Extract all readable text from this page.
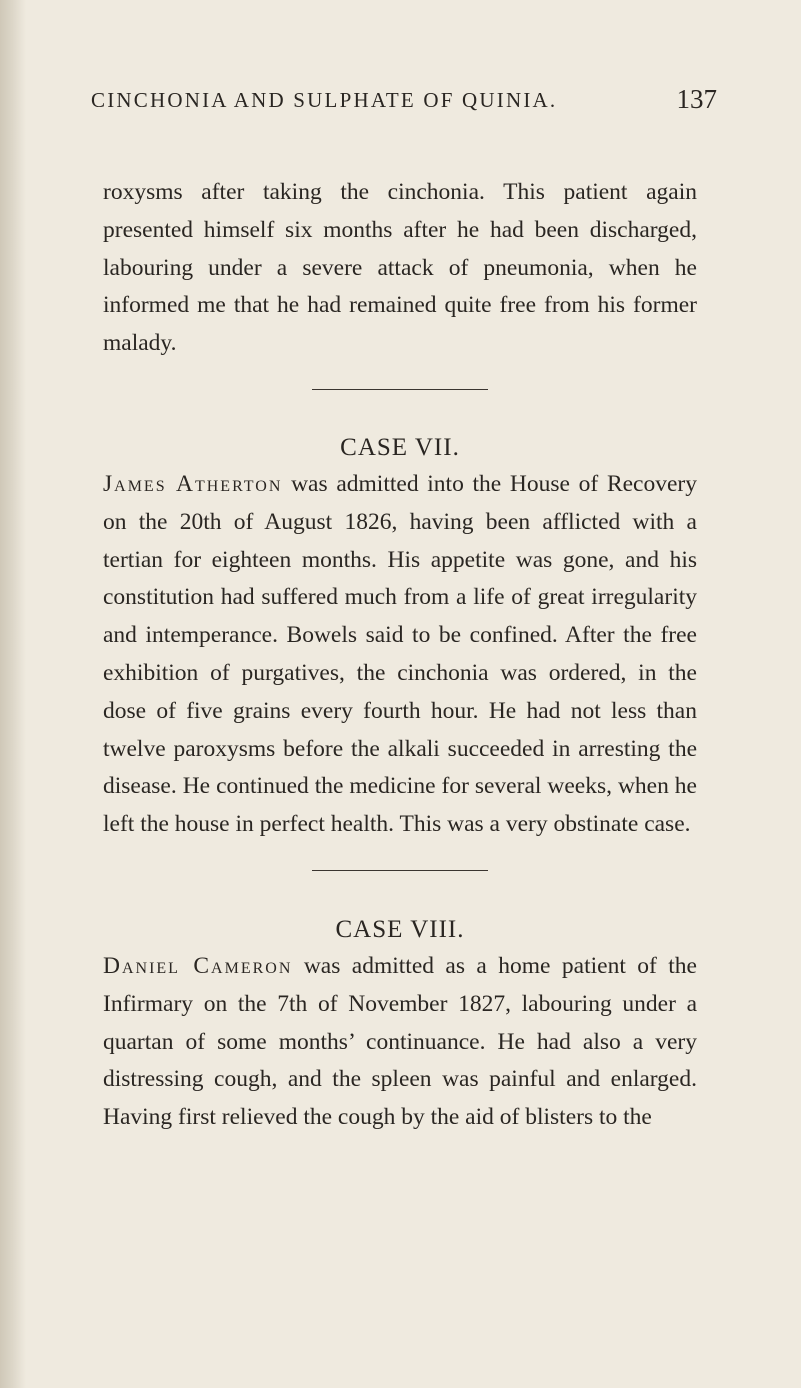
CINCHONIA AND SULPHATE OF QUINIA.	137

roxysms after taking the cinchonia. This patient again presented himself six months after he had been discharged, labouring under a severe attack of pneumonia, when he informed me that he had remained quite free from his former malady.

CASE VII.

James Atherton was admitted into the House of Recovery on the 20th of August 1826, having been afflicted with a tertian for eighteen months. His appetite was gone, and his constitution had suffered much from a life of great irregularity and intemperance. Bowels said to be confined. After the free exhibition of purgatives, the cinchonia was ordered, in the dose of five grains every fourth hour. He had not less than twelve paroxysms before the alkali succeeded in arresting the disease. He continued the medicine for several weeks, when he left the house in perfect health. This was a very obstinate case.

CASE VIII.

Daniel Cameron was admitted as a home patient of the Infirmary on the 7th of November 1827, labouring under a quartan of some months’ continuance. He had also a very distressing cough, and the spleen was painful and enlarged. Having first relieved the cough by the aid of blisters to the
